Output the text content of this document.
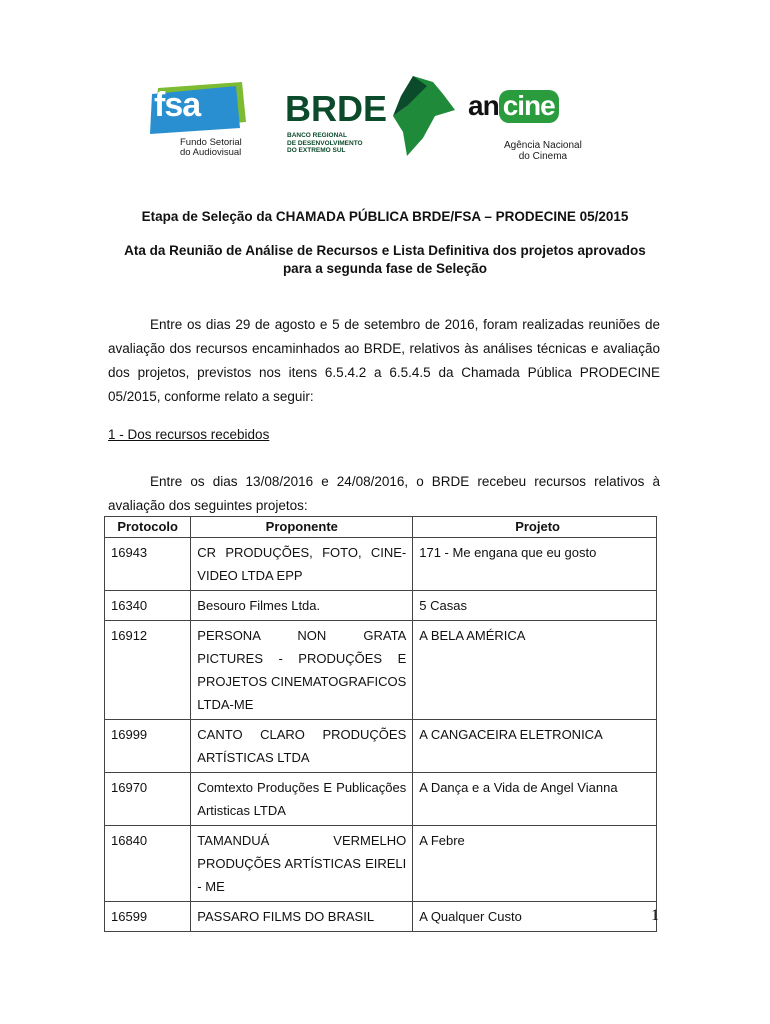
fsa
Fundo Setorial
do Audiovisual
BRDE
BANCO REGIONAL
DE DESENVOLVIMENTO
DO EXTREMO SUL
an cine
Agência Nacional
do Cinema
Etapa de Seleção da CHAMADA PÚBLICA BRDE/FSA – PRODECINE 05/2015
Ata da Reunião de Análise de Recursos e Lista Definitiva dos projetos aprovados
para a segunda fase de Seleção
Entre os dias 29 de agosto e 5 de setembro de 2016, foram realizadas reuniões de avaliação dos recursos encaminhados ao BRDE, relativos às análises técnicas e avaliação dos projetos, previstos nos itens 6.5.4.2 a 6.5.4.5 da Chamada Pública PRODECINE 05/2015, conforme relato a seguir:
1 - Dos recursos recebidos
Entre os dias 13/08/2016 e 24/08/2016, o BRDE recebeu recursos relativos à avaliação dos seguintes projetos:
Protocolo	Proponente	Projeto
16943	CR PRODUÇÕES, FOTO, CINE-VIDEO LTDA EPP	171 - Me engana que eu gosto
16340	Besouro Filmes Ltda.	5 Casas
16912	PERSONA NON GRATA PICTURES - PRODUÇÕES E PROJETOS CINEMATOGRAFICOS LTDA-ME	A BELA AMÉRICA
16999	CANTO CLARO PRODUÇÕES ARTÍSTICAS LTDA	A CANGACEIRA ELETRONICA
16970	Comtexto Produções E Publicações Artisticas LTDA	A Dança e a Vida de Angel Vianna
16840	TAMANDUÁ VERMELHO PRODUÇÕES ARTÍSTICAS EIRELI - ME	A Febre
16599	PASSARO FILMS DO BRASIL	A Qualquer Custo	1
